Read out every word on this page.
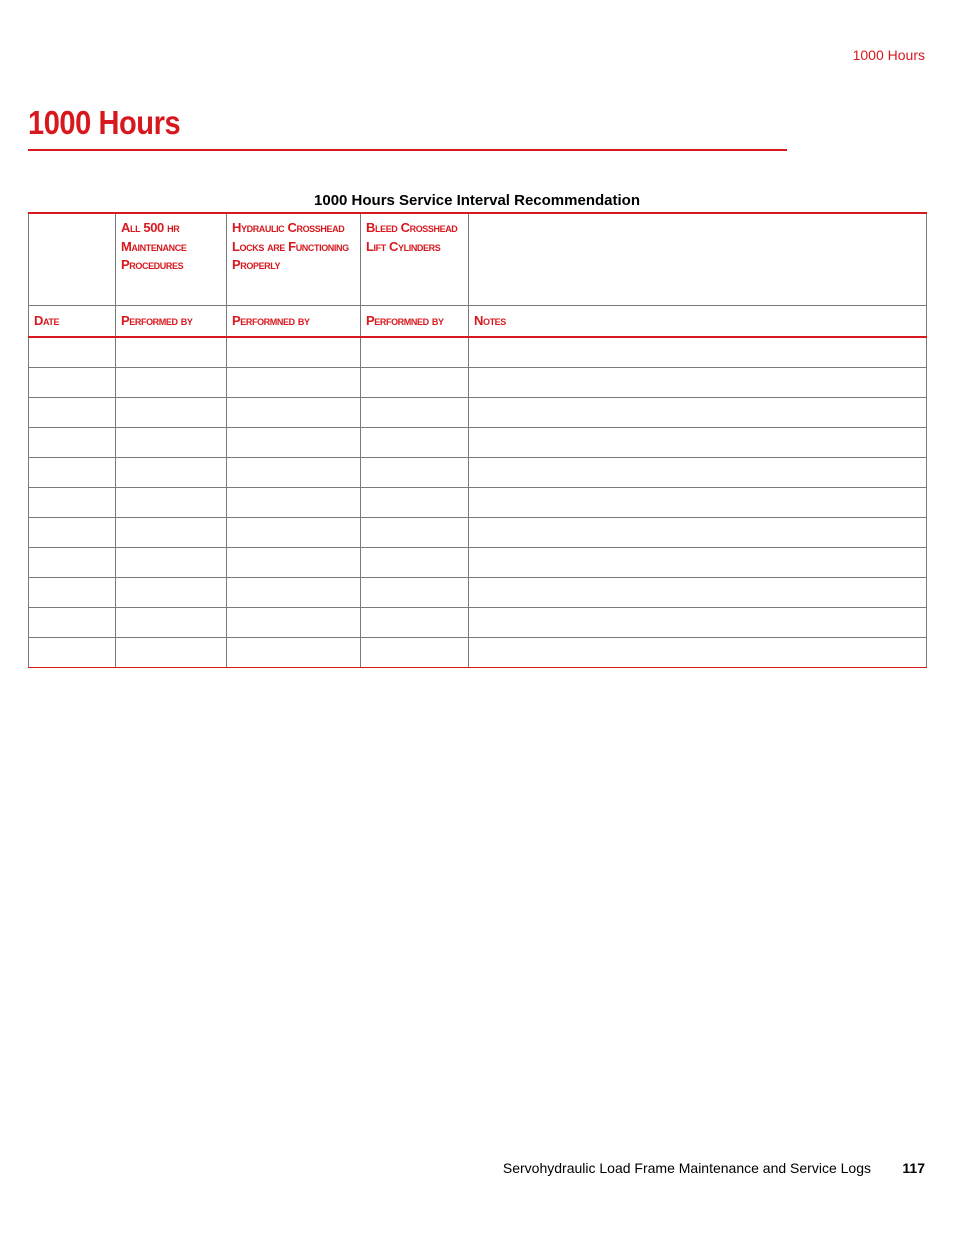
1000 Hours
1000 Hours
1000 Hours Service Interval Recommendation

	All 500 hr Maintenance Procedures	Hydraulic Crosshead Locks are Functioning Properly	Bleed Crosshead Lift Cylinders	

Date	Performed by	Performned by	Performned by	Notes

Servohydraulic Load Frame Maintenance and Service Logs 117
